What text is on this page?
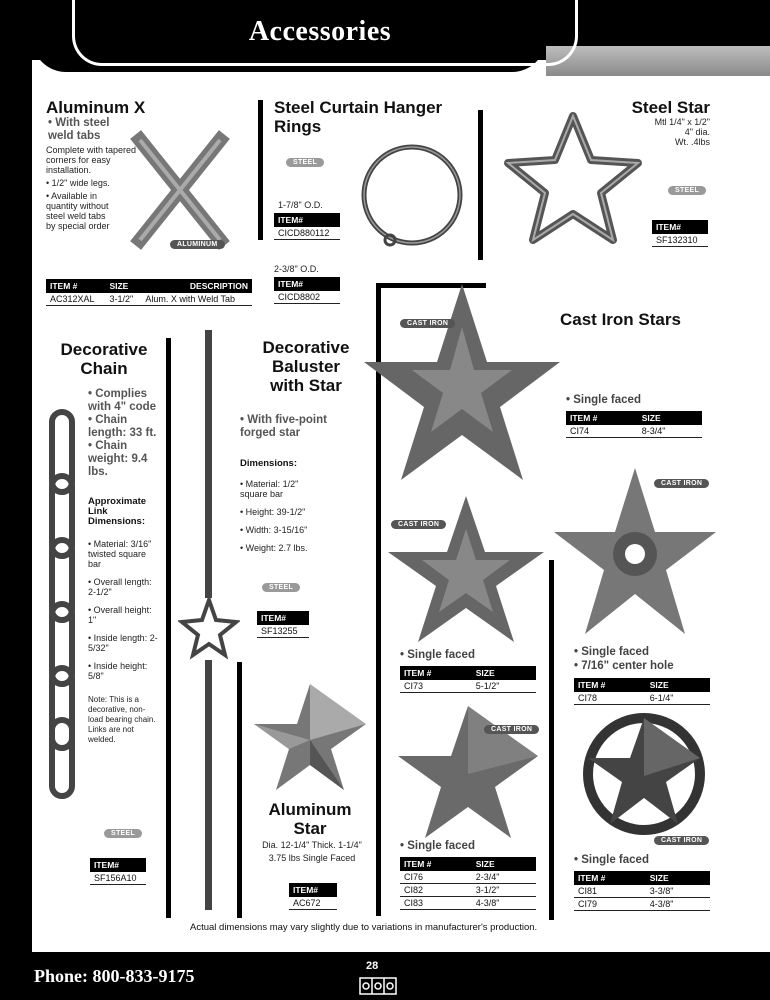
Accessories
Aluminum X
• With steel weld tabs
Complete with tapered corners for easy installation.
• 1/2" wide legs.
• Available in quantity without steel weld tabs by special order
ALUMINUM
ITEM #	SIZE	DESCRIPTION
AC312XAL	3-1/2"	Alum. X with Weld Tab
Steel Curtain Hanger Rings
STEEL
1-7/8" O.D.
ITEM#
CICD880112
2-3/8" O.D.
ITEM#
CICD8802
Steel Star
Mtl 1/4" x 1/2"
4" dia.
Wt. .4lbs
STEEL
ITEM#
SF132310
Cast Iron Stars
Decorative
Chain
• Complies with 4" code
• Chain length: 33 ft.
• Chain weight: 9.4 lbs.
Approximate Link Dimensions:
• Material: 3/16" twisted square bar
• Overall length: 2-1/2"
• Overall height: 1"
• Inside length: 2-5/32"
• Inside height: 5/8"
Note: This is a decorative, non-load bearing chain. Links are not welded.
STEEL
ITEM#
SF156A10
Decorative
Baluster
with Star
• With five-point forged star
Dimensions:
• Material: 1/2" square bar
• Height: 39-1/2"
• Width: 3-15/16"
• Weight: 2.7 lbs.
STEEL
ITEM#
SF13255
Aluminum
Star
Dia. 12-1/4" Thick. 1-1/4"
3.75 lbs Single Faced
ITEM#
AC672
CAST IRON
• Single faced
ITEM #	SIZE
CI74	8-3/4"
CAST IRON
• Single faced
ITEM #	SIZE
CI73	5-1/2"
CAST IRON
• Single faced
• 7/16" center hole
ITEM #	SIZE
CI78	6-1/4"
CAST IRON
• Single faced
ITEM #	SIZE
CI76	2-3/4"
CI82	3-1/2"
CI83	4-3/8"
CAST IRON
• Single faced
ITEM #	SIZE
CI81	3-3/8"
CI79	4-3/8"
Actual dimensions may vary slightly due to variations in manufacturer's production.
Phone: 800-833-9175	28
